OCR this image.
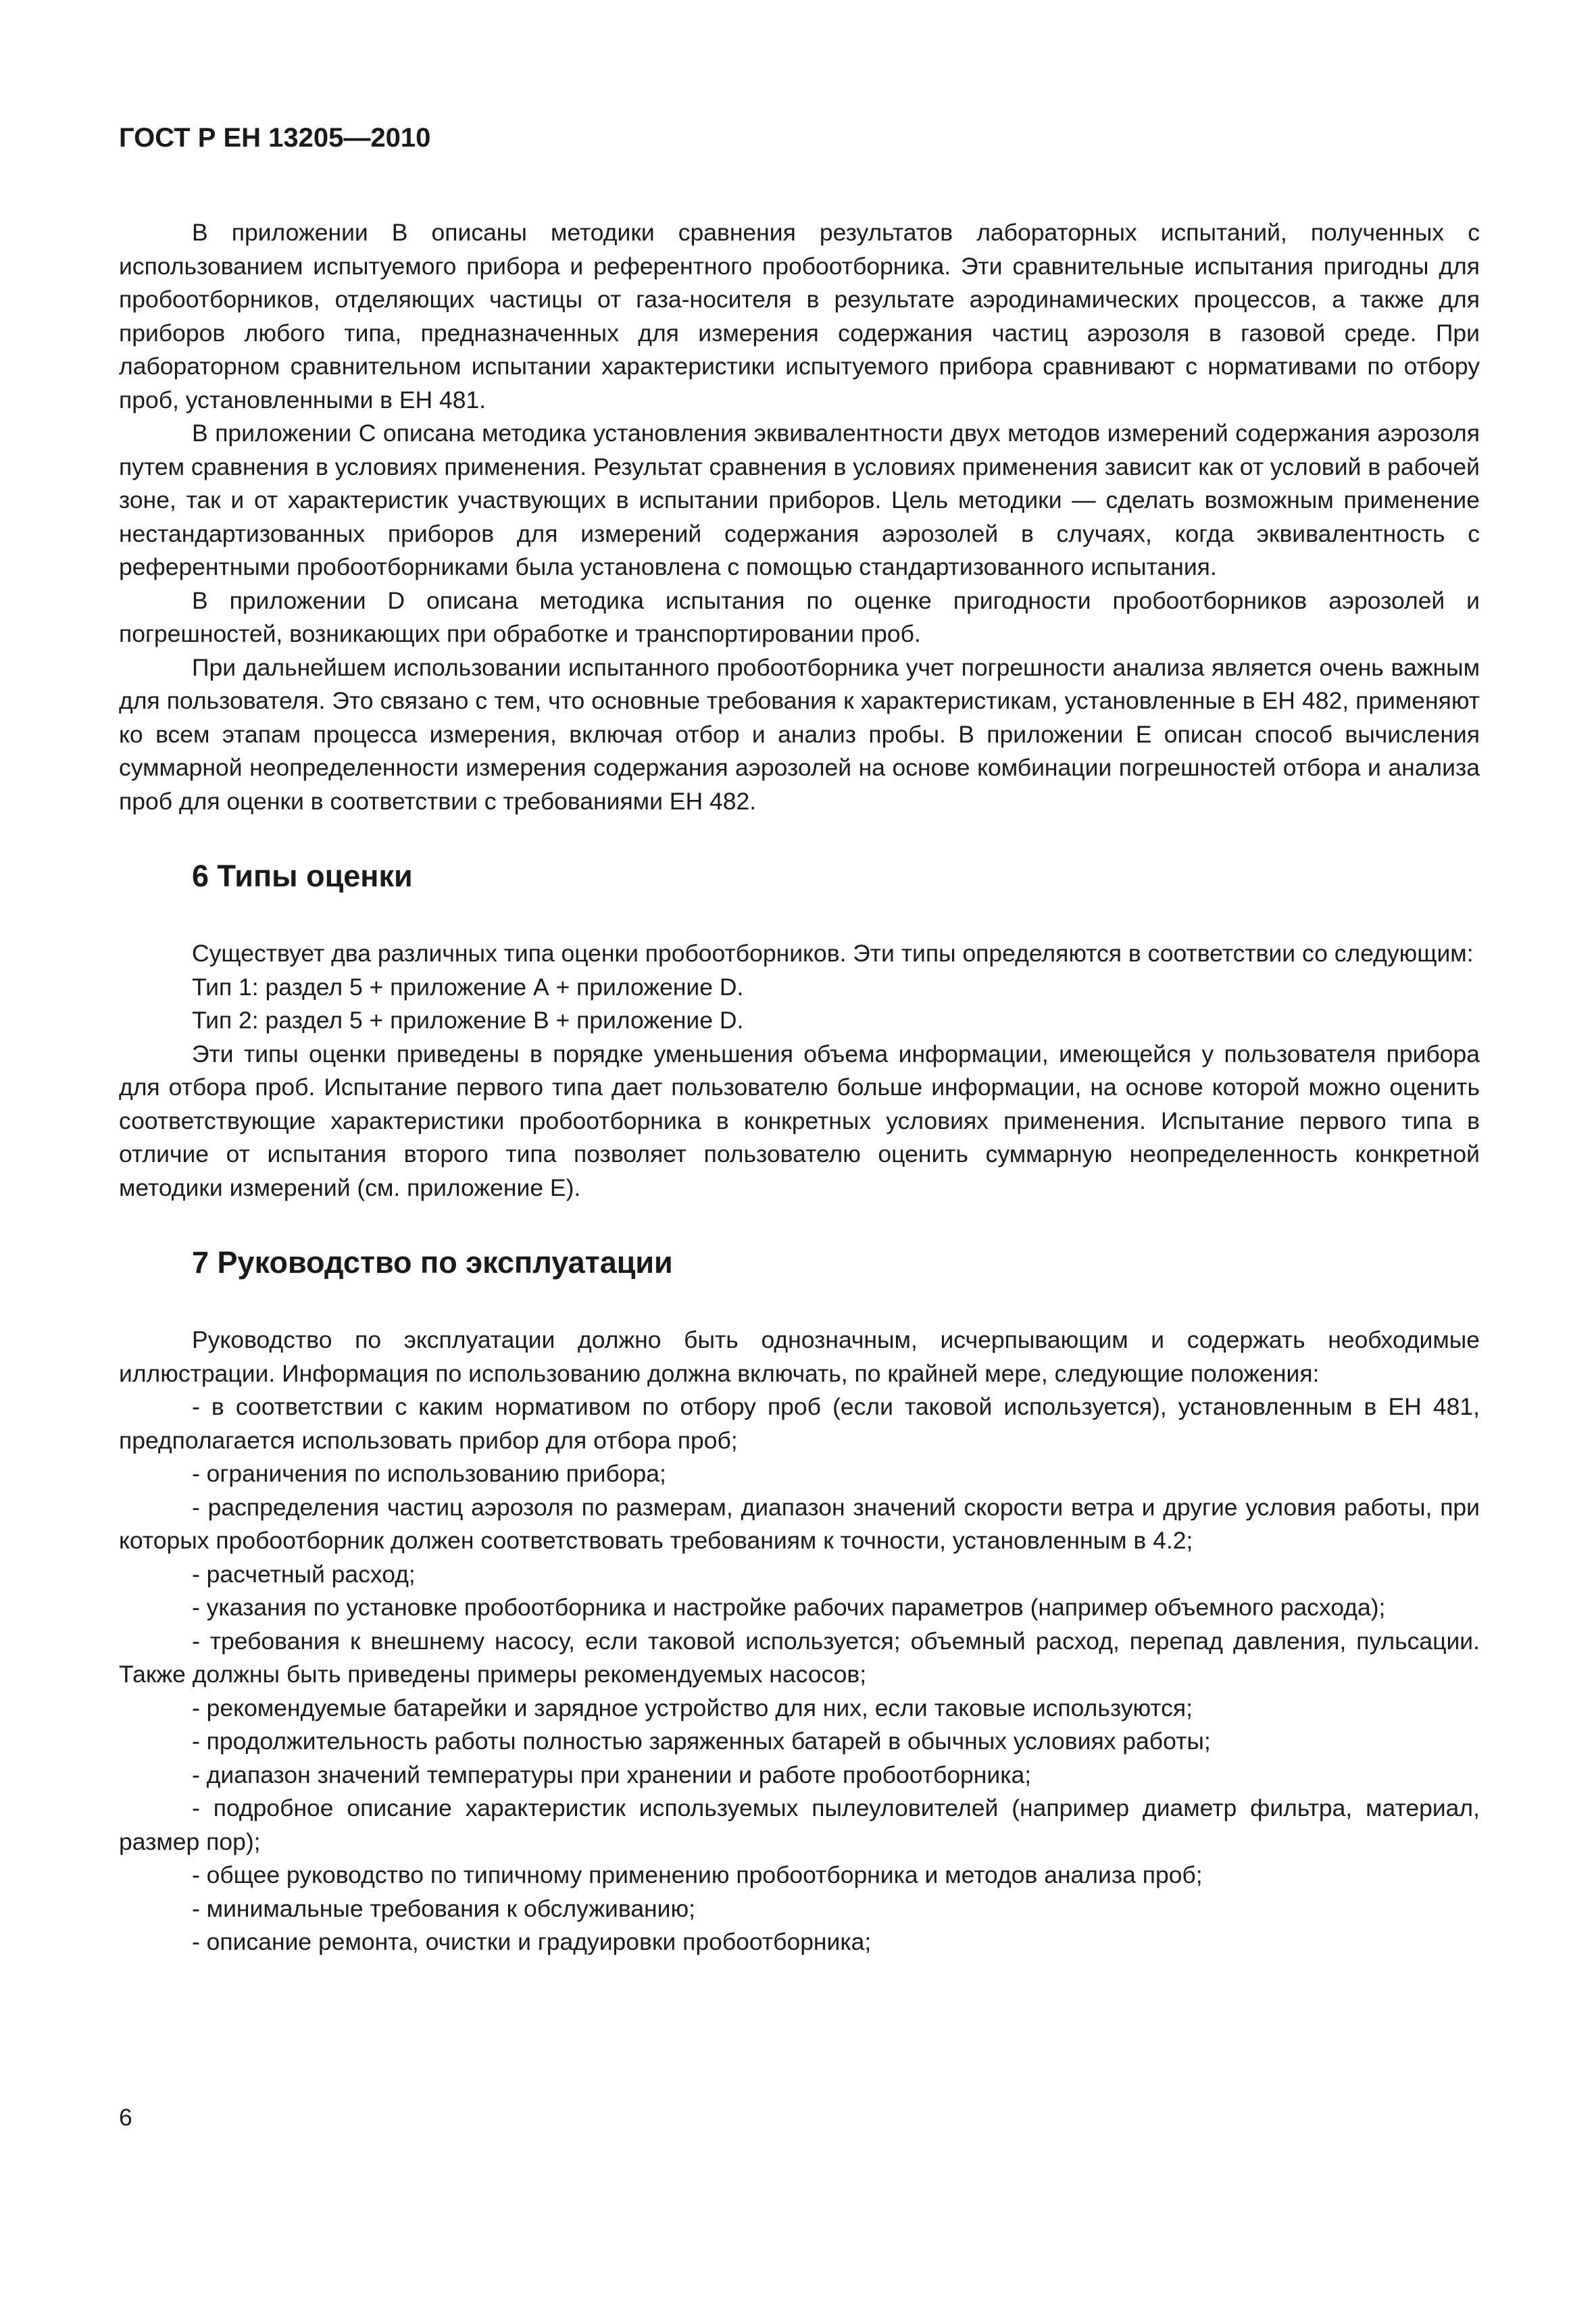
ГОСТ Р ЕН 13205—2010

В приложении В описаны методики сравнения результатов лабораторных испытаний, полученных с использованием испытуемого прибора и референтного пробоотборника. Эти сравнительные испытания пригодны для пробоотборников, отделяющих частицы от газа-носителя в результате аэродинамических процессов, а также для приборов любого типа, предназначенных для измерения содержания частиц аэрозоля в газовой среде. При лабораторном сравнительном испытании характеристики испытуемого прибора сравнивают с нормативами по отбору проб, установленными в ЕН 481.

В приложении С описана методика установления эквивалентности двух методов измерений содержания аэрозоля путем сравнения в условиях применения. Результат сравнения в условиях применения зависит как от условий в рабочей зоне, так и от характеристик участвующих в испытании приборов. Цель методики — сделать возможным применение нестандартизованных приборов для измерений содержания аэрозолей в случаях, когда эквивалентность с референтными пробоотборниками была установлена с помощью стандартизованного испытания.

В приложении D описана методика испытания по оценке пригодности пробоотборников аэрозолей и погрешностей, возникающих при обработке и транспортировании проб.

При дальнейшем использовании испытанного пробоотборника учет погрешности анализа является очень важным для пользователя. Это связано с тем, что основные требования к характеристикам, установленные в ЕН 482, применяют ко всем этапам процесса измерения, включая отбор и анализ пробы. В приложении Е описан способ вычисления суммарной неопределенности измерения содержания аэрозолей на основе комбинации погрешностей отбора и анализа проб для оценки в соответствии с требованиями ЕН 482.

6 Типы оценки

Существует два различных типа оценки пробоотборников. Эти типы определяются в соответствии со следующим:

Тип 1: раздел 5 + приложение А + приложение D.

Тип 2: раздел 5 + приложение В + приложение D.

Эти типы оценки приведены в порядке уменьшения объема информации, имеющейся у пользователя прибора для отбора проб. Испытание первого типа дает пользователю больше информации, на основе которой можно оценить соответствующие характеристики пробоотборника в конкретных условиях применения. Испытание первого типа в отличие от испытания второго типа позволяет пользователю оценить суммарную неопределенность конкретной методики измерений (см. приложение Е).

7 Руководство по эксплуатации

Руководство по эксплуатации должно быть однозначным, исчерпывающим и содержать необходимые иллюстрации. Информация по использованию должна включать, по крайней мере, следующие положения:

- в соответствии с каким нормативом по отбору проб (если таковой используется), установленным в ЕН 481, предполагается использовать прибор для отбора проб;

- ограничения по использованию прибора;

- распределения частиц аэрозоля по размерам, диапазон значений скорости ветра и другие условия работы, при которых пробоотборник должен соответствовать требованиям к точности, установленным в 4.2;

- расчетный расход;

- указания по установке пробоотборника и настройке рабочих параметров (например объемного расхода);

- требования к внешнему насосу, если таковой используется; объемный расход, перепад давления, пульсации. Также должны быть приведены примеры рекомендуемых насосов;

- рекомендуемые батарейки и зарядное устройство для них, если таковые используются;

- продолжительность работы полностью заряженных батарей в обычных условиях работы;

- диапазон значений температуры при хранении и работе пробоотборника;

- подробное описание характеристик используемых пылеуловителей (например диаметр фильтра, материал, размер пор);

- общее руководство по типичному применению пробоотборника и методов анализа проб;

- минимальные требования к обслуживанию;

- описание ремонта, очистки и градуировки пробоотборника;

6
